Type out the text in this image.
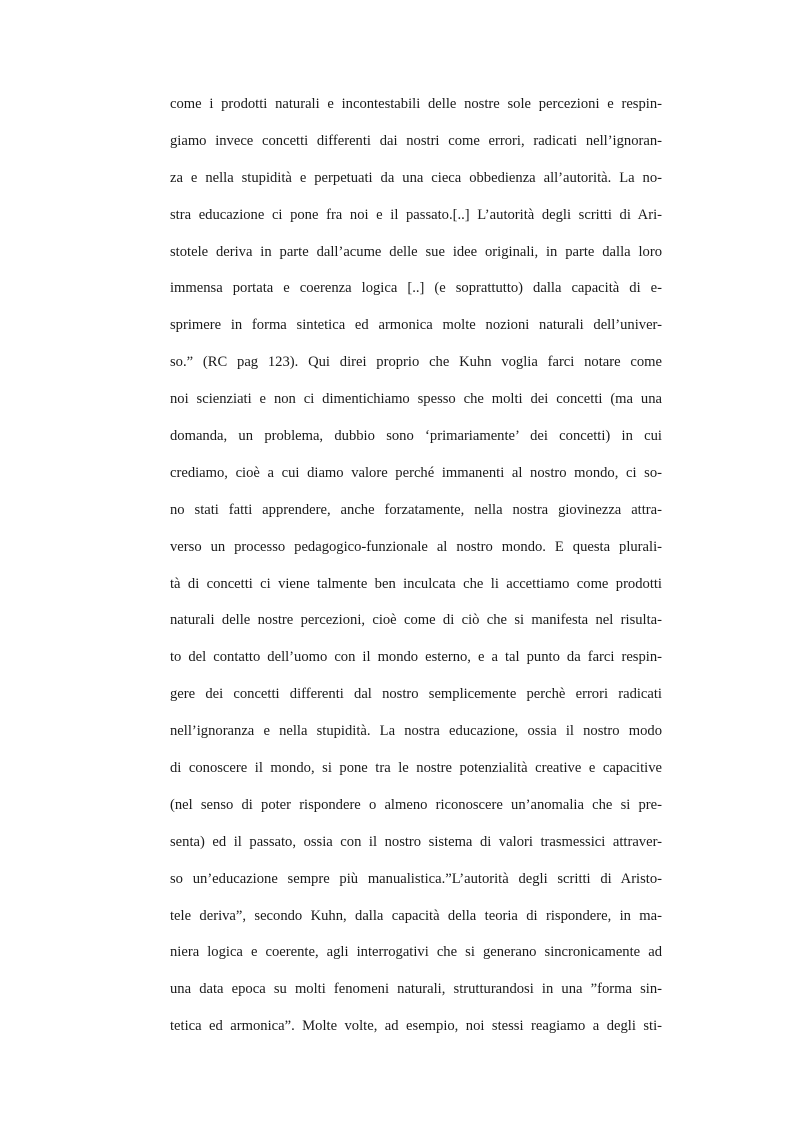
come i prodotti naturali e incontestabili delle nostre sole percezioni e respin-
giamo invece concetti differenti dai nostri come errori, radicati nell’ignoran-
za e nella stupidità e perpetuati da una cieca obbedienza all’autorità. La no-
stra educazione ci pone fra noi e il passato.[..] L’autorità degli scritti di Ari-
stotele deriva in parte dall’acume delle sue idee originali, in parte dalla loro
immensa portata e coerenza logica [..] (e soprattutto) dalla capacità di e-
sprimere in forma sintetica ed armonica molte nozioni naturali dell’univer-
so.” (RC pag 123). Qui direi proprio che Kuhn voglia farci notare come
noi scienziati e non ci dimentichiamo spesso che molti dei concetti (ma una
domanda, un problema, dubbio sono ‘primariamente’ dei concetti) in cui
crediamo, cioè a cui diamo valore perché immanenti al nostro mondo, ci so-
no stati fatti apprendere, anche forzatamente, nella nostra giovinezza attra-
verso un processo pedagogico-funzionale al nostro mondo. E questa plurali-
tà di concetti ci viene talmente ben inculcata che li accettiamo come prodotti
naturali delle nostre percezioni, cioè come di ciò che si manifesta nel risulta-
to del contatto dell’uomo con il mondo esterno, e a tal punto da farci respin-
gere dei concetti differenti dal nostro semplicemente perchè errori radicati
nell’ignoranza e nella stupidità. La nostra educazione, ossia il nostro modo
di conoscere il mondo, si pone tra le nostre potenzialità creative e capacitive
(nel senso di poter rispondere o almeno riconoscere un’anomalia che si pre-
senta) ed il passato, ossia con il nostro sistema di valori trasmessici attraver-
so un’educazione sempre più manualistica.”L’autorità degli scritti di Aristo-
tele deriva”, secondo Kuhn, dalla capacità della teoria di rispondere, in ma-
niera logica e coerente, agli interrogativi che si generano sincronicamente ad
una data epoca su molti fenomeni naturali, strutturandosi in una ”forma sin-
tetica ed armonica”. Molte volte, ad esempio, noi stessi reagiamo a degli sti-
